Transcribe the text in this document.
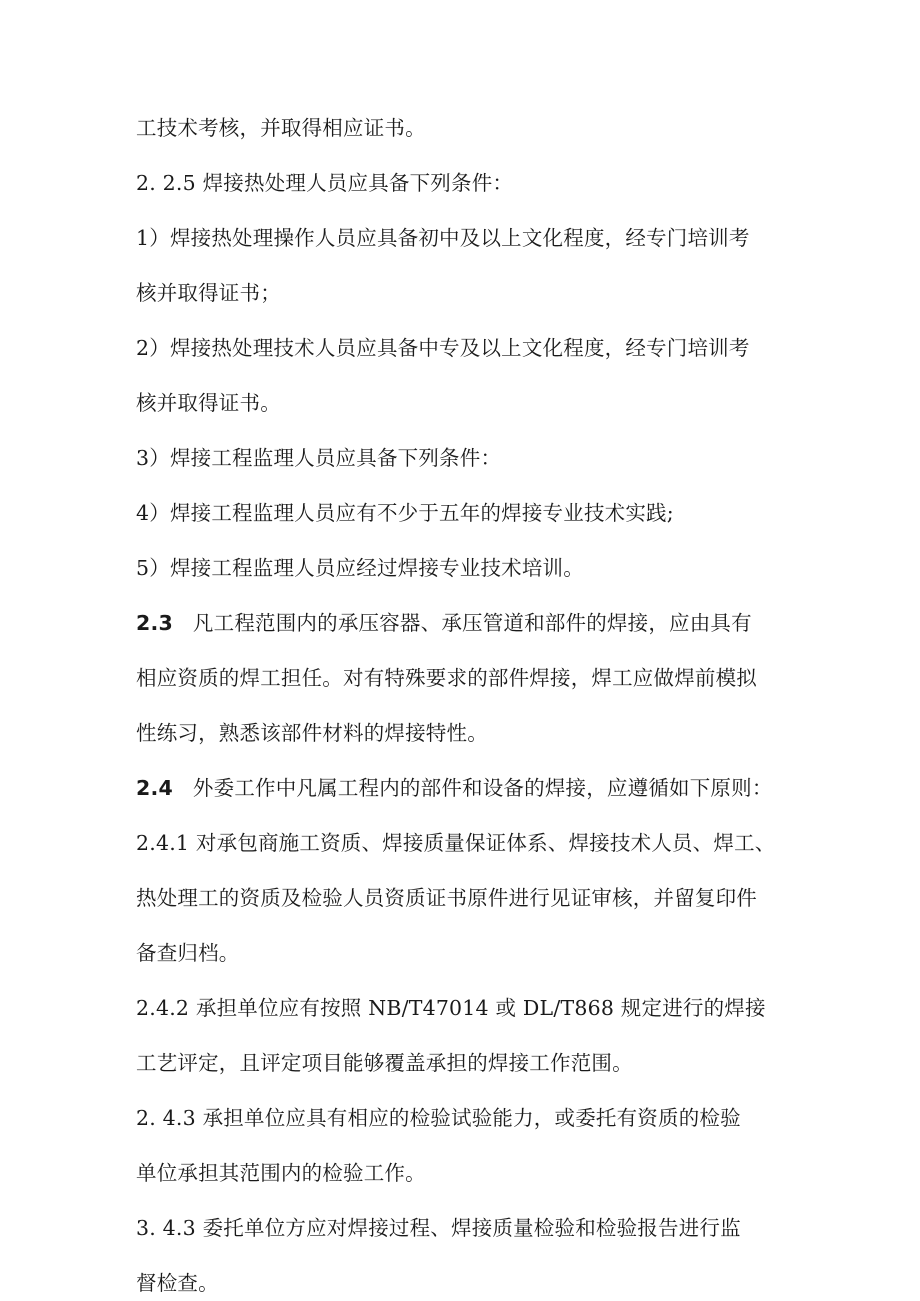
工技术考核，并取得相应证书。
2. 2.5 焊接热处理人员应具备下列条件：
1）焊接热处理操作人员应具备初中及以上文化程度，经专门培训考
核并取得证书；
2）焊接热处理技术人员应具备中专及以上文化程度，经专门培训考
核并取得证书。
3）焊接工程监理人员应具备下列条件：
4）焊接工程监理人员应有不少于五年的焊接专业技术实践;
5）焊接工程监理人员应经过焊接专业技术培训。
2.3 凡工程范围内的承压容器、承压管道和部件的焊接，应由具有
相应资质的焊工担任。对有特殊要求的部件焊接，焊工应做焊前模拟
性练习，熟悉该部件材料的焊接特性。
2.4 外委工作中凡属工程内的部件和设备的焊接，应遵循如下原则：
2.4.1 对承包商施工资质、焊接质量保证体系、焊接技术人员、焊工、
热处理工的资质及检验人员资质证书原件进行见证审核，并留复印件
备查归档。
2.4.2 承担单位应有按照 NB/T47014 或 DL/T868 规定进行的焊接
工艺评定，且评定项目能够覆盖承担的焊接工作范围。
2. 4.3 承担单位应具有相应的检验试验能力，或委托有资质的检验
单位承担其范围内的检验工作。
3. 4.3 委托单位方应对焊接过程、焊接质量检验和检验报告进行监
督检查。
